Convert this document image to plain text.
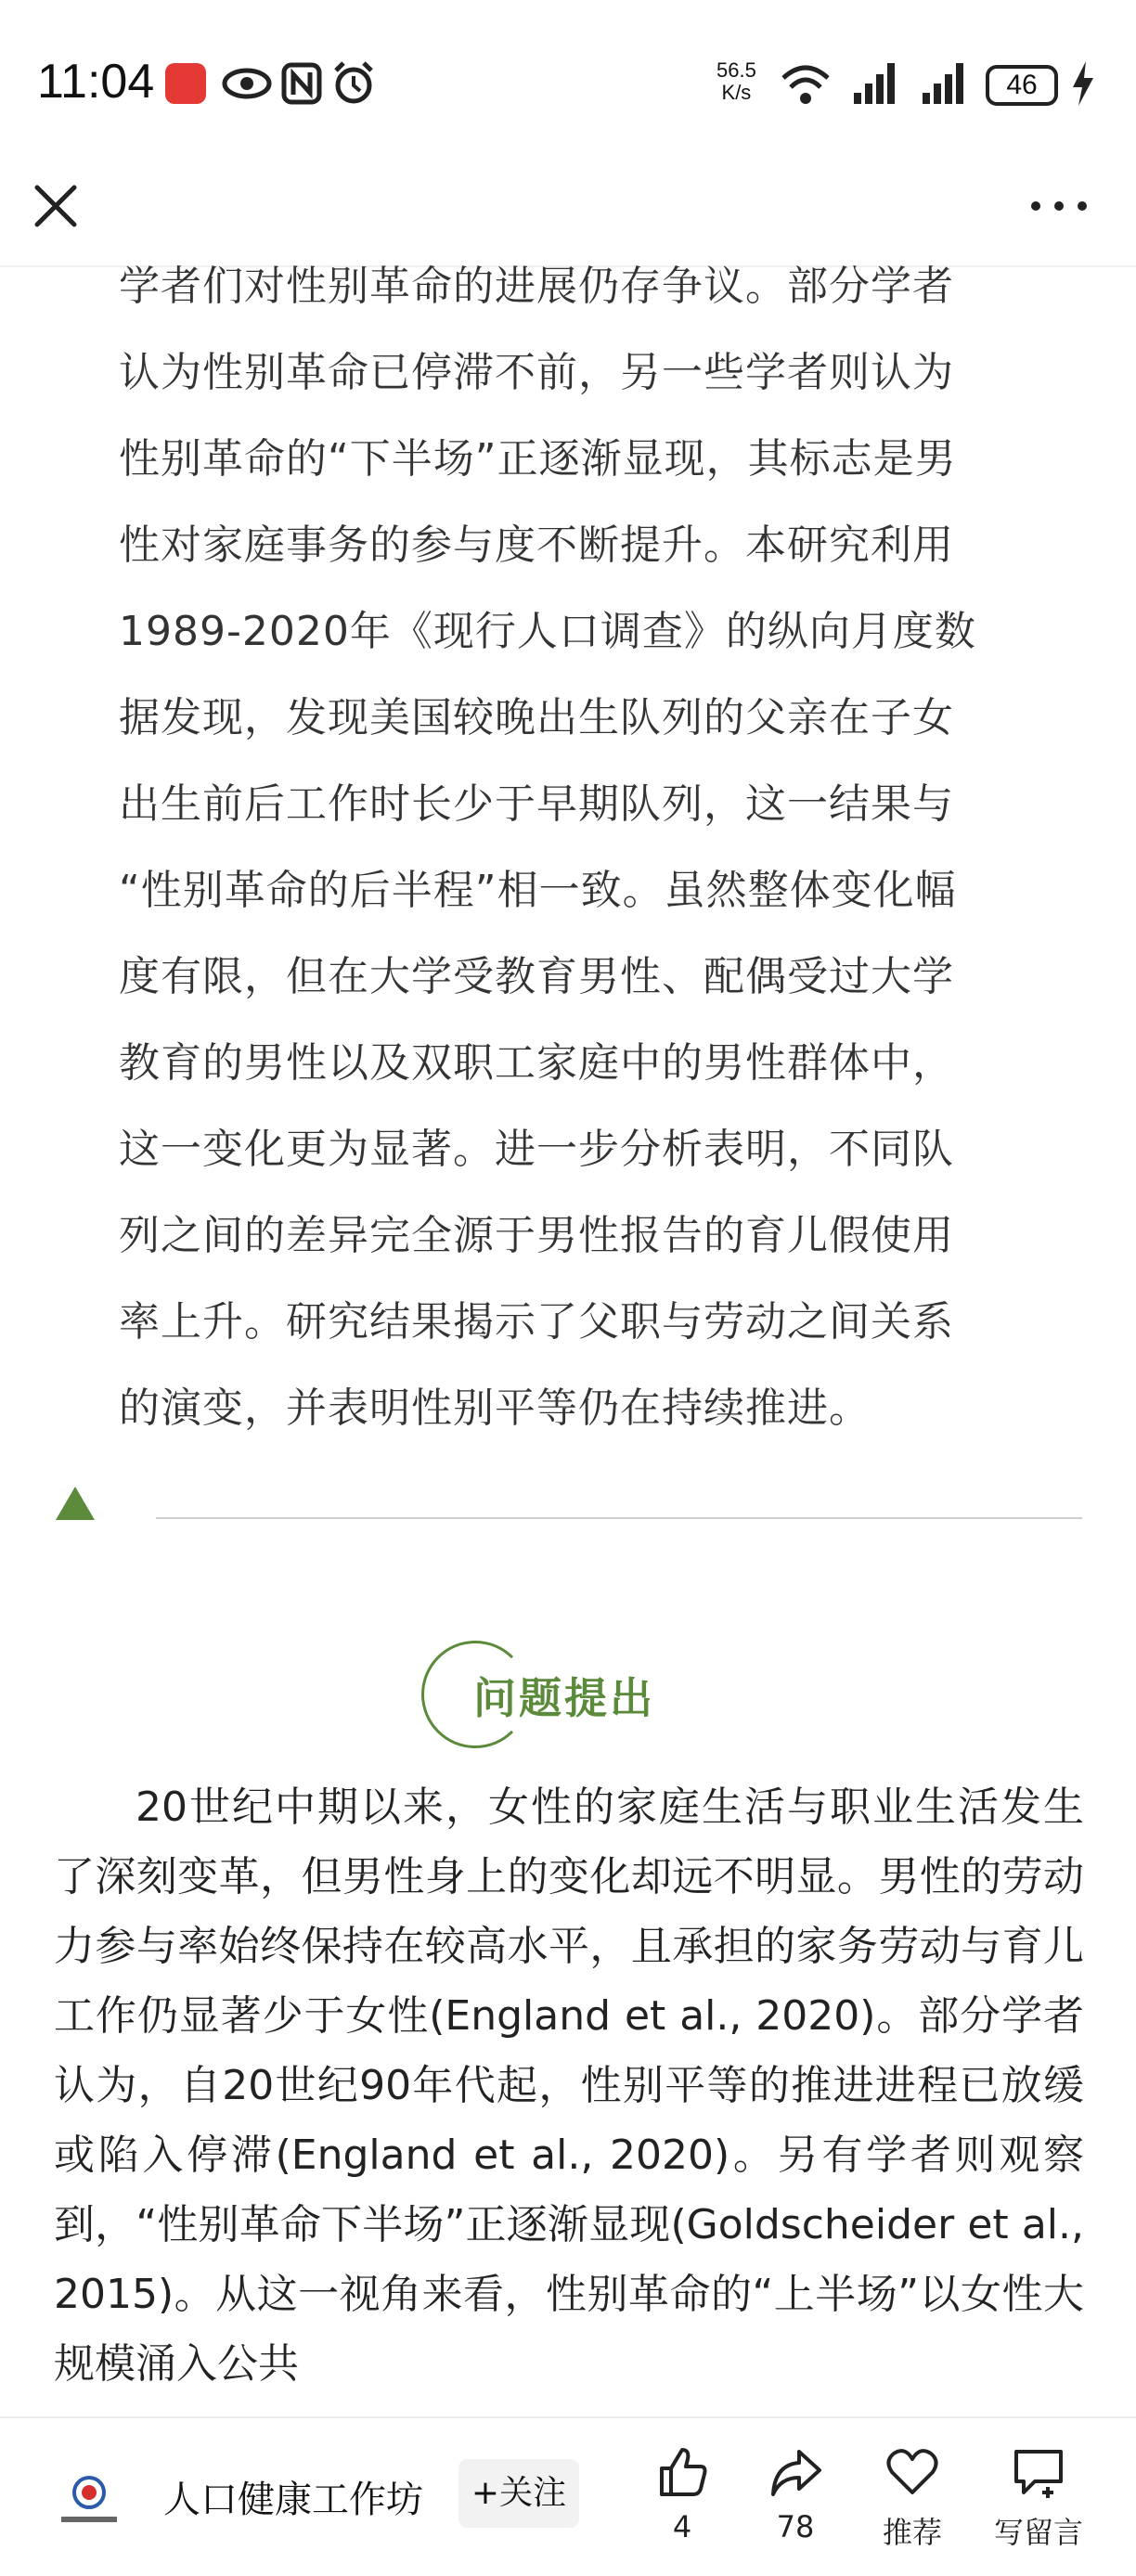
11:04	56.5
K/s	46
学者们对性别革命的进展仍存争议。部分学者
认为性别革命已停滞不前，另一些学者则认为
性别革命的“下半场”正逐渐显现，其标志是男
性对家庭事务的参与度不断提升。本研究利用
1989-2020年《现行人口调查》的纵向月度数
据发现，发现美国较晚出生队列的父亲在子女
出生前后工作时长少于早期队列，这一结果与
“性别革命的后半程”相一致。虽然整体变化幅
度有限，但在大学受教育男性、配偶受过大学
教育的男性以及双职工家庭中的男性群体中，
这一变化更为显著。进一步分析表明，不同队
列之间的差异完全源于男性报告的育儿假使用
率上升。研究结果揭示了父职与劳动之间关系
的演变，并表明性别平等仍在持续推进。
问题提出

20世纪中期以来，女性的家庭生活与职业生活发生了深刻变革，但男性身上的变化却远不明显。男性的劳动力参与率始终保持在较高水平，且承担的家务劳动与育儿工作仍显著少于女性(England et al., 2020)。部分学者认为，自20世纪90年代起，性别平等的推进进程已放缓或陷入停滞(England et al., 2020)。另有学者则观察到，“性别革命下半场”正逐渐显现(Goldscheider et al., 2015)。从这一视角来看，性别革命的“上半场”以女性大规模涌入公共

人口健康工作坊	+关注
4	78	推荐	写留言
